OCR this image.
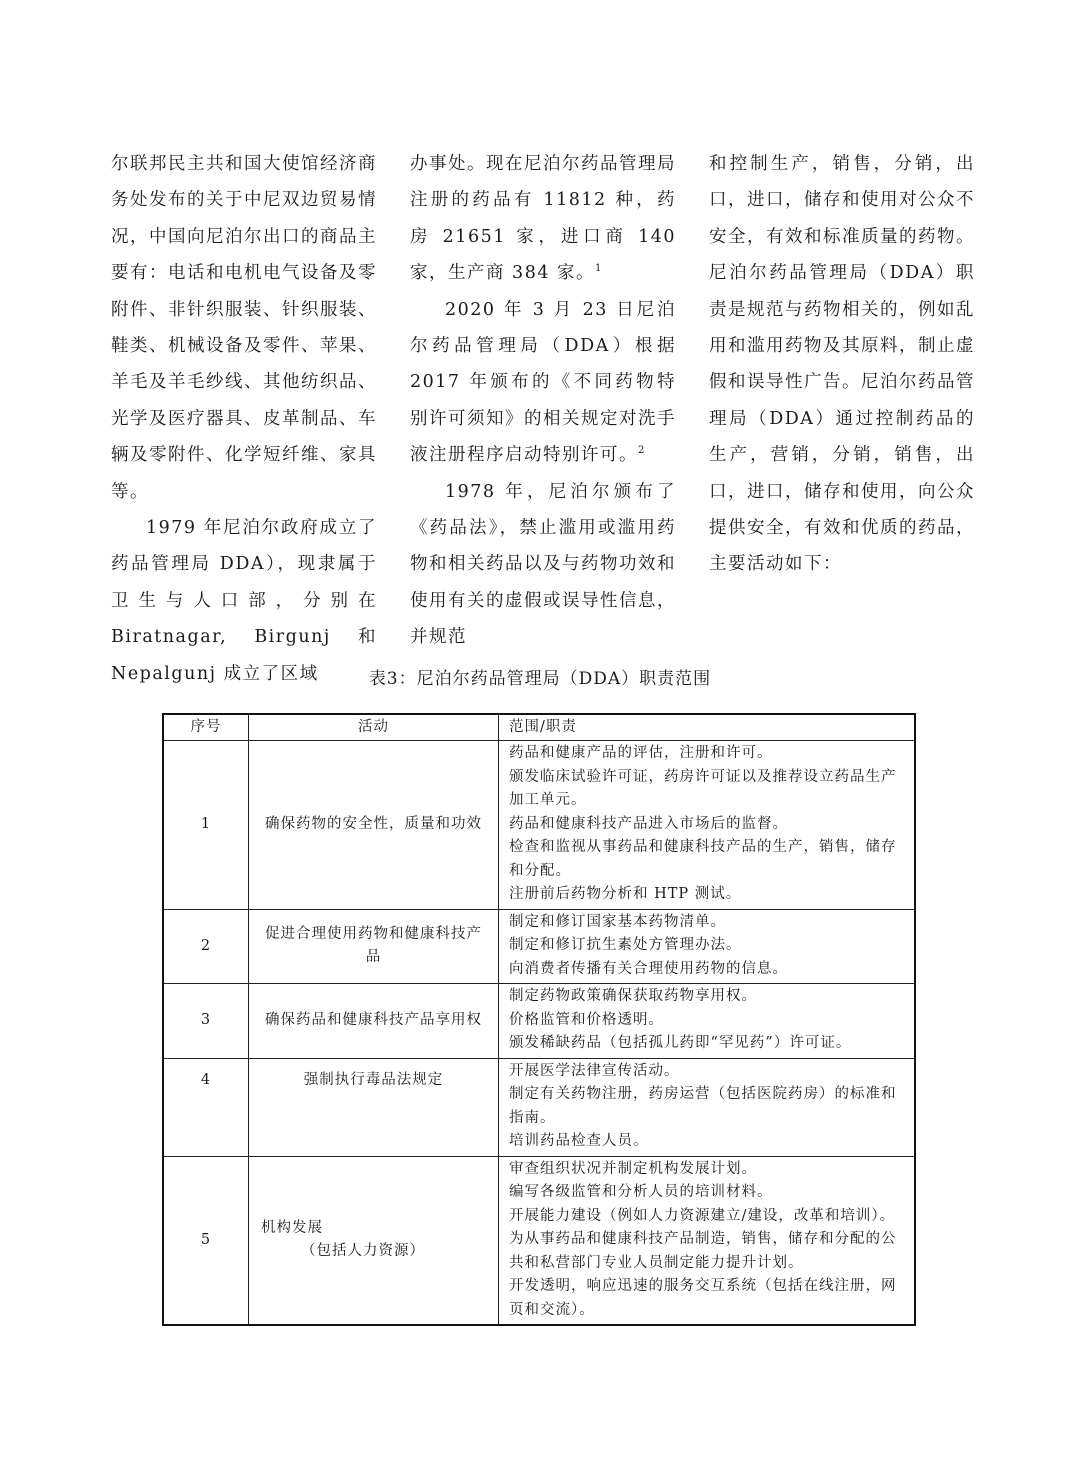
尔联邦民主共和国大使馆经济商务处发布的关于中尼双边贸易情况，中国向尼泊尔出口的商品主要有：电话和电机电气设备及零附件、非针织服装、针织服装、鞋类、机械设备及零件、苹果、羊毛及羊毛纱线、其他纺织品、光学及医疗器具、皮革制品、车辆及零附件、化学短纤维、家具等。

1979 年尼泊尔政府成立了药品管理局 DDA），现隶属于卫生与人口部，分别在 Biratnagar, Birgunj 和 Nepalgunj 成立了区域

办事处。现在尼泊尔药品管理局注册的药品有 11812 种，药房 21651 家，进口商 140 家，生产商 384 家。$^1$

2020 年 3 月 23 日尼泊尔药品管理局（DDA）根据 2017 年颁布的《不同药物特别许可须知》的相关规定对洗手液注册程序启动特别许可。$^2$

1978 年，尼泊尔颁布了《药品法》，禁止滥用或滥用药物和相关药品以及与药物功效和使用有关的虚假或误导性信息，并规范

和控制生产，销售，分销，出口，进口，储存和使用对公众不安全，有效和标准质量的药物。尼泊尔药品管理局（DDA）职责是规范与药物相关的，例如乱用和滥用药物及其原料，制止虚假和误导性广告。尼泊尔药品管理局（DDA）通过控制药品的生产，营销，分销，销售，出口，进口，储存和使用，向公众提供安全，有效和优质的药品，主要活动如下：

表3：尼泊尔药品管理局（DDA）职责范围
序号	活动	范围/职责
1	确保药物的安全性，质量和功效	药品和健康产品的评估，注册和许可。
颁发临床试验许可证，药房许可证以及推荐设立药品生产加工单元。
药品和健康科技产品进入市场后的监督。
检查和监视从事药品和健康科技产品的生产，销售，储存和分配。
注册前后药物分析和 HTP 测试。

2	促进合理使用药物和健康科技产品	制定和修订国家基本药物清单。
制定和修订抗生素处方管理办法。
向消费者传播有关合理使用药物的信息。

3	确保药品和健康科技产品享用权	制定药物政策确保获取药物享用权。
价格监管和价格透明。
颁发稀缺药品（包括孤儿药即“罕见药”）许可证。

4	强制执行毒品法规定	开展医学法律宣传活动。
制定有关药物注册，药房运营（包括医院药房）的标准和指南。
培训药品检查人员。

5	机构发展
（包括人力资源）	审查组织状况并制定机构发展计划。
编写各级监管和分析人员的培训材料。
开展能力建设（例如人力资源建立/建设，改革和培训）。
为从事药品和健康科技产品制造，销售，储存和分配的公共和私营部门专业人员制定能力提升计划。
开发透明，响应迅速的服务交互系统（包括在线注册，网页和交流）。
